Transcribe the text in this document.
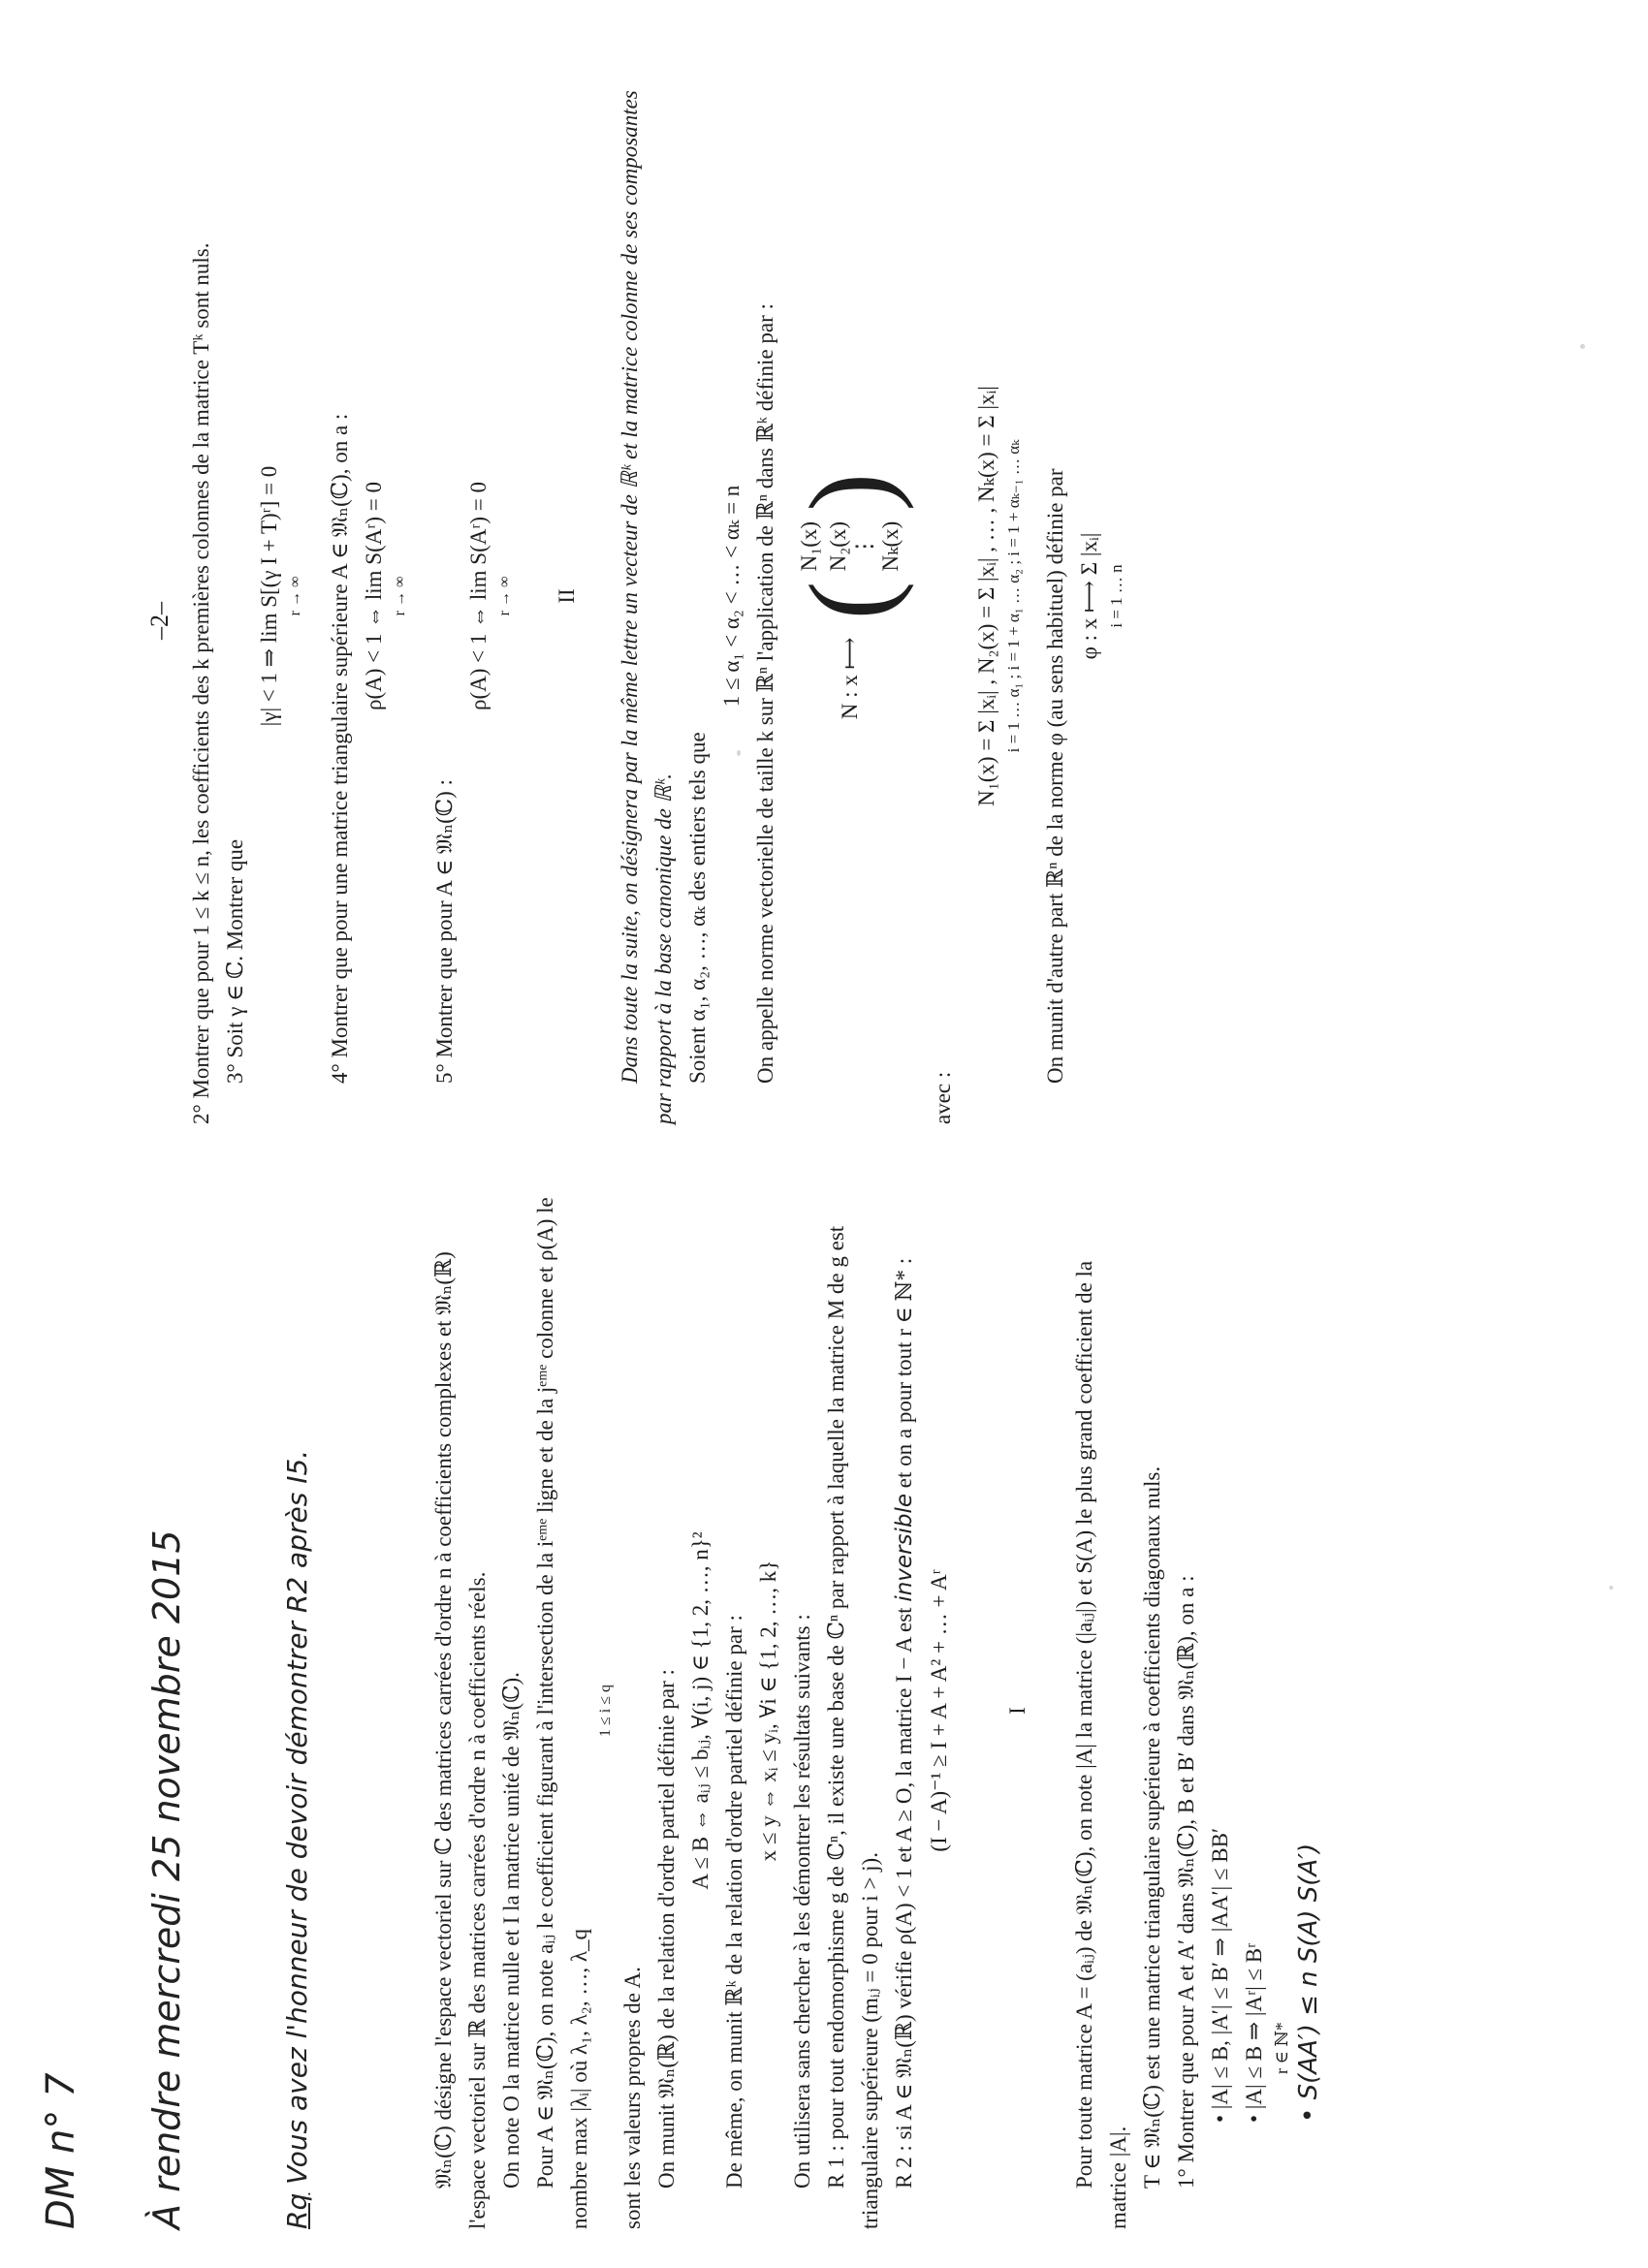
DM n° 7 À rendre mercredi 25 novembre 2015	Rq Vous avez l'honneur de devoir démontrer R2 après I5.
–2–

𝔐ₙ(ℂ) désigne l'espace vectoriel sur ℂ des matrices carrées d'ordre n à coefficients complexes et 𝔐ₙ(ℝ) l'espace vectoriel sur ℝ des matrices carrées d'ordre n à coefficients réels. On note O la matrice nulle et I la matrice unité de 𝔐ₙ(ℂ). Pour A ∈ 𝔐ₙ(ℂ), on note aᵢⱼ le coefficient figurant à l'intersection de la iᵉᵐᵉ ligne et de la jᵉᵐᵉ colonne et ρ(A) le nombre max |λᵢ| où λ₁, λ₂, …, λ_q

1 ≤ i ≤ q

sont les valeurs propres de A. On munit 𝔐ₙ(ℝ) de la relation d'ordre partiel définie par : A ≤ B ⇔ aᵢⱼ ≤ bᵢⱼ, ∀(i, j) ∈ {1, 2, …, n}² De même, on munit ℝᵏ de la relation d'ordre partiel définie par : x ≤ y ⇔ xᵢ ≤ yᵢ, ∀i ∈ {1, 2, …, k} On utilisera sans chercher à les démontrer les résultats suivants : R 1 : pour tout endomorphisme g de ℂⁿ, il existe une base de ℂⁿ par rapport à laquelle la matrice M de g est triangulaire supérieure (mᵢⱼ = 0 pour i > j). R 2 : si A ∈ 𝔐ₙ(ℝ) vérifie ρ(A) < 1 et A ≥ O, la matrice I − A est inversible et on a pour tout r ∈ ℕ* :

(I − A)⁻¹ ≥ I + A + A² + … + Aʳ I Pour toute matrice A = (aᵢⱼ) de 𝔐ₙ(ℂ), on note |A| la matrice (|aᵢⱼ|) et S(A) le plus grand coefficient de la matrice |A|. T ∈ 𝔐ₙ(ℂ) est une matrice triangulaire supérieure à coefficients diagonaux nuls. 1° Montrer que pour A et A′ dans 𝔐ₙ(ℂ), B et B′ dans 𝔐ₙ(ℝ), on a : • |A| ≤ B, |A′| ≤ B′ ⇒ |AA′| ≤ BB′ • |A| ≤ B ⇒ |Aʳ| ≤ Bʳ r ∈ ℕ* • S(AA′) ≤ n S(A) S(A′)

2° Montrer que pour 1 ≤ k ≤ n, les coefficients des k premières colonnes de la matrice Tᵏ sont nuls. 3° Soit γ ∈ ℂ. Montrer que

|γ| < 1 ⇒ lim S[(γ I + T)ʳ] = 0 r → ∞ 4° Montrer que pour une matrice triangulaire supérieure A ∈ 𝔐ₙ(ℂ), on a : ρ(A) < 1 ⇔ lim S(Aʳ) = 0 r → ∞

5° Montrer que pour A ∈ 𝔐ₙ(ℂ) :

ρ(A) < 1 ⇔ lim S(Aʳ) = 0 r → ∞ II Dans toute la suite, on désignera par la même lettre un vecteur de ℝᵏ et la matrice colonne de ses composantes par rapport à la base canonique de ℝᵏ. Soient α₁, α₂, …, αₖ des entiers tels que

1 ≤ α₁ < α₂ < … < αₖ = n On appelle norme vectorielle de taille k sur ℝⁿ l'application de ℝⁿ dans ℝᵏ définie par :	N : x ⟼
(
N₁(x) N₂(x) ⋮ Nₖ(x)
)

avec :

N₁(x) = Σ |xᵢ| , N₂(x) = Σ |xᵢ| , … , Nₖ(x) = Σ |xᵢ| i = 1 … α₁ ; i = 1 + α₁ … α₂ ; i = 1 + αₖ₋₁ … αₖ On munit d'autre part ℝⁿ de la norme φ (au sens habituel) définie par φ : x ⟼ Σ |xᵢ| i = 1 … n
